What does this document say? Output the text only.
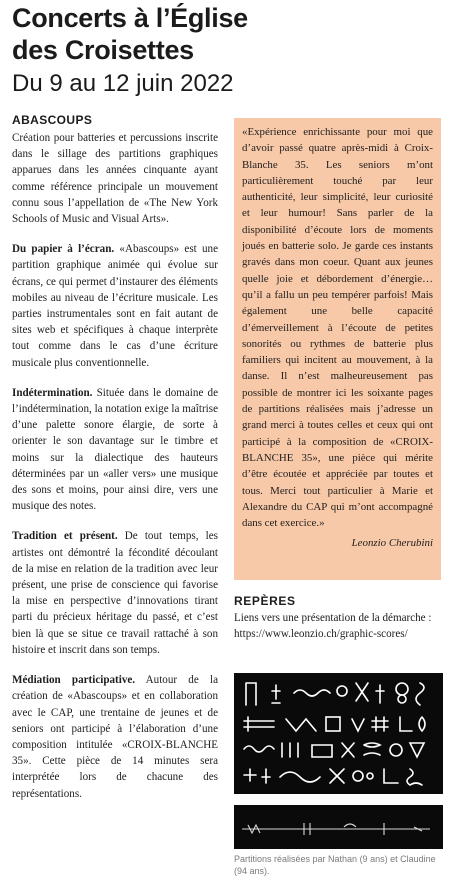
Concerts à l’Église
des Croisettes
Du 9 au 12 juin 2022
ABASCOUPS

Création pour batteries et percussions inscrite dans le sillage des partitions graphiques apparues dans les années cinquante ayant comme référence principale un mouvement connu sous l’appellation de «The New York Schools of Music and Visual Arts».

Du papier à l’écran. «Abascoups» est une partition graphique animée qui évolue sur écrans, ce qui permet d’instaurer des éléments mobiles au niveau de l’écriture musicale. Les parties instrumentales sont en fait autant de sites web et spécifiques à chaque interprète tout comme dans le cas d’une écriture musicale plus conventionnelle.

Indétermination. Située dans le domaine de l’indétermination, la notation exige la maîtrise d’une palette sonore élargie, de sorte à orienter le son davantage sur le timbre et moins sur la dialectique des hauteurs déterminées par un «aller vers» une musique des sons et moins, pour ainsi dire, vers une musique des notes.

Tradition et présent. De tout temps, les artistes ont démontré la fécondité découlant de la mise en relation de la tradition avec leur présent, une prise de conscience qui favorise la mise en perspective d’innovations tirant parti du précieux héritage du passé, et c’est bien là que se situe ce travail rattaché à son histoire et inscrit dans son temps.

Médiation participative. Autour de la création de «Abascoups» et en collaboration avec le CAP, une trentaine de jeunes et de seniors ont participé à l’élaboration d’une composition intitulée «CROIX-BLANCHE 35». Cette pièce de 14 minutes sera interprétée lors de chacune des représentations.

«Expérience enrichissante pour moi que d’avoir passé quatre après-midi à Croix-Blanche 35. Les seniors m’ont particulièrement touché par leur authenticité, leur simplicité, leur curiosité et leur humour! Sans parler de la disponibilité d’écoute lors de moments joués en batterie solo. Je garde ces instants gravés dans mon coeur. Quant aux jeunes quelle joie et débordement d’énergie… qu’il a fallu un peu tempérer parfois! Mais également une belle capacité d’émerveillement à l’écoute de petites sonorités ou rythmes de batterie plus familiers qui incitent au mouvement, à la danse. Il n’est malheureusement pas possible de montrer ici les soixante pages de partitions réalisées mais j’adresse un grand merci à toutes celles et ceux qui ont participé à la composition de «CROIX-BLANCHE 35», une pièce qui mérite d’être écoutée et appréciée par toutes et tous. Merci tout particulier à Marie et Alexandre du CAP qui m’ont accompagné dans cet exercice.»

Leonzio Cherubini
REPÈRES

Liens vers une présentation de la démarche :

https://www.leonzio.ch/graphic-scores/

Partitions réalisées par Nathan (9 ans) et Claudine (94 ans).
